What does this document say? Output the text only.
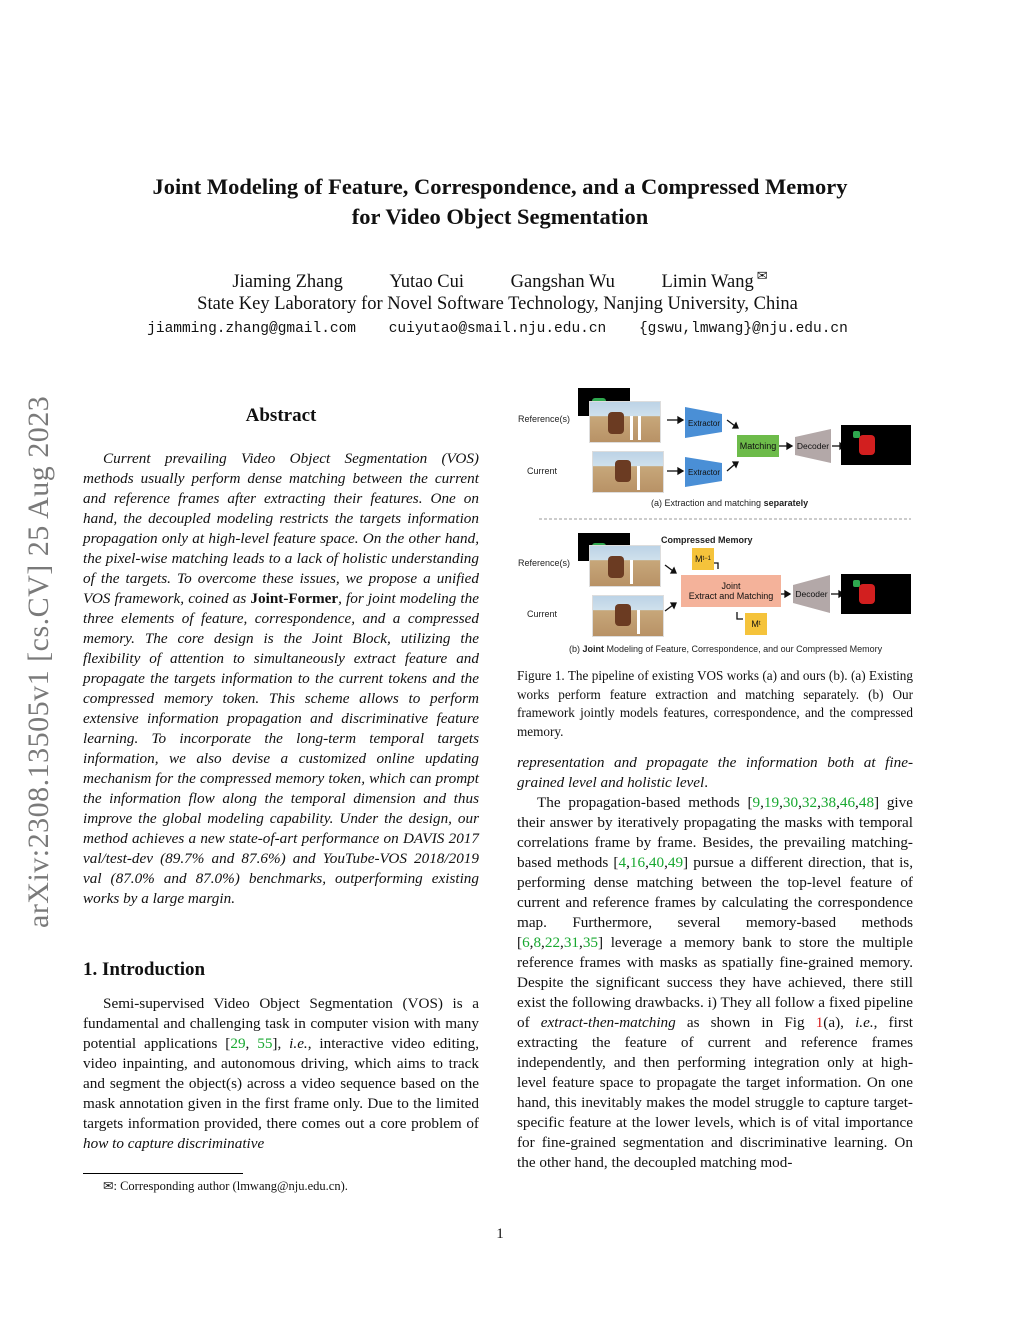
Joint Modeling of Feature, Correspondence, and a Compressed Memory
for Video Object Segmentation
Jiaming Zhang	Yutao Cui	Gangshan Wu	Limin Wang ✉
State Key Laboratory for Novel Software Technology, Nanjing University, China
jiamming.zhang@gmail.com cuiyutao@smail.nju.edu.cn {gswu,lmwang}@nju.edu.cn
arXiv:2308.13505v1 [cs.CV] 25 Aug 2023	Abstract

Current prevailing Video Object Segmentation (VOS) methods usually perform dense matching between the current and reference frames after extracting their features. One on hand, the decoupled modeling restricts the targets information propagation only at high-level feature space. On the other hand, the pixel-wise matching leads to a lack of holistic understanding of the targets. To overcome these issues, we propose a unified VOS framework, coined as Joint-Former, for joint modeling the three elements of feature, correspondence, and a compressed memory. The core design is the Joint Block, utilizing the flexibility of attention to simultaneously extract feature and propagate the targets information to the current tokens and the compressed memory token. This scheme allows to perform extensive information propagation and discriminative feature learning. To incorporate the long-term temporal targets information, we also devise a customized online updating mechanism for the compressed memory token, which can prompt the information flow along the temporal dimension and thus improve the global modeling capability. Under the design, our method achieves a new state-of-art performance on DAVIS 2017 val/test-dev (89.7% and 87.6%) and YouTube-VOS 2018/2019 val (87.0% and 87.0%) benchmarks, outperforming existing works by a large margin.

1. Introduction

Semi-supervised Video Object Segmentation (VOS) is a fundamental and challenging task in computer vision with many potential applications [29, 55], i.e., interactive video editing, video inpainting, and autonomous driving, which aims to track and segment the object(s) across a video sequence based on the mask annotation given in the first frame only. Due to the limited targets information provided, there comes out a core problem of how to capture discriminative

✉: Corresponding author (lmwang@nju.edu.cn).
Reference(s)
Current
Extractor
Extractor
Matching	Decoder
(a) Extraction and matching separately
Compressed Memory
Reference(s)
Current
M t−1
Joint
Extract and Matching
M t
Decoder
(b) Joint Modeling of Feature, Correspondence, and our Compressed Memory
Figure 1. The pipeline of existing VOS works (a) and ours (b). (a) Existing works perform feature extraction and matching separately. (b) Our framework jointly models features, correspondence, and the compressed memory.

representation and propagate the information both at fine-grained level and holistic level.

The propagation-based methods [9,19,30,32,38,46,48] give their answer by iteratively propagating the masks with temporal correlations frame by frame. Besides, the prevailing matching-based methods [4,16,40,49] pursue a different direction, that is, performing dense matching between the top-level feature of current and reference frames by calculating the correspondence map. Furthermore, several memory-based methods [6,8,22,31,35] leverage a memory bank to store the multiple reference frames with masks as spatially fine-grained memory. Despite the significant success they have achieved, there still exist the following drawbacks. i) They all follow a fixed pipeline of extract-then-matching as shown in Fig 1(a), i.e., first extracting the feature of current and reference frames independently, and then performing integration only at high-level feature space to propagate the target information. On one hand, this inevitably makes the model struggle to capture target-specific feature at the lower levels, which is of vital importance for fine-grained segmentation and discriminative learning. On the other hand, the decoupled matching mod-

1
